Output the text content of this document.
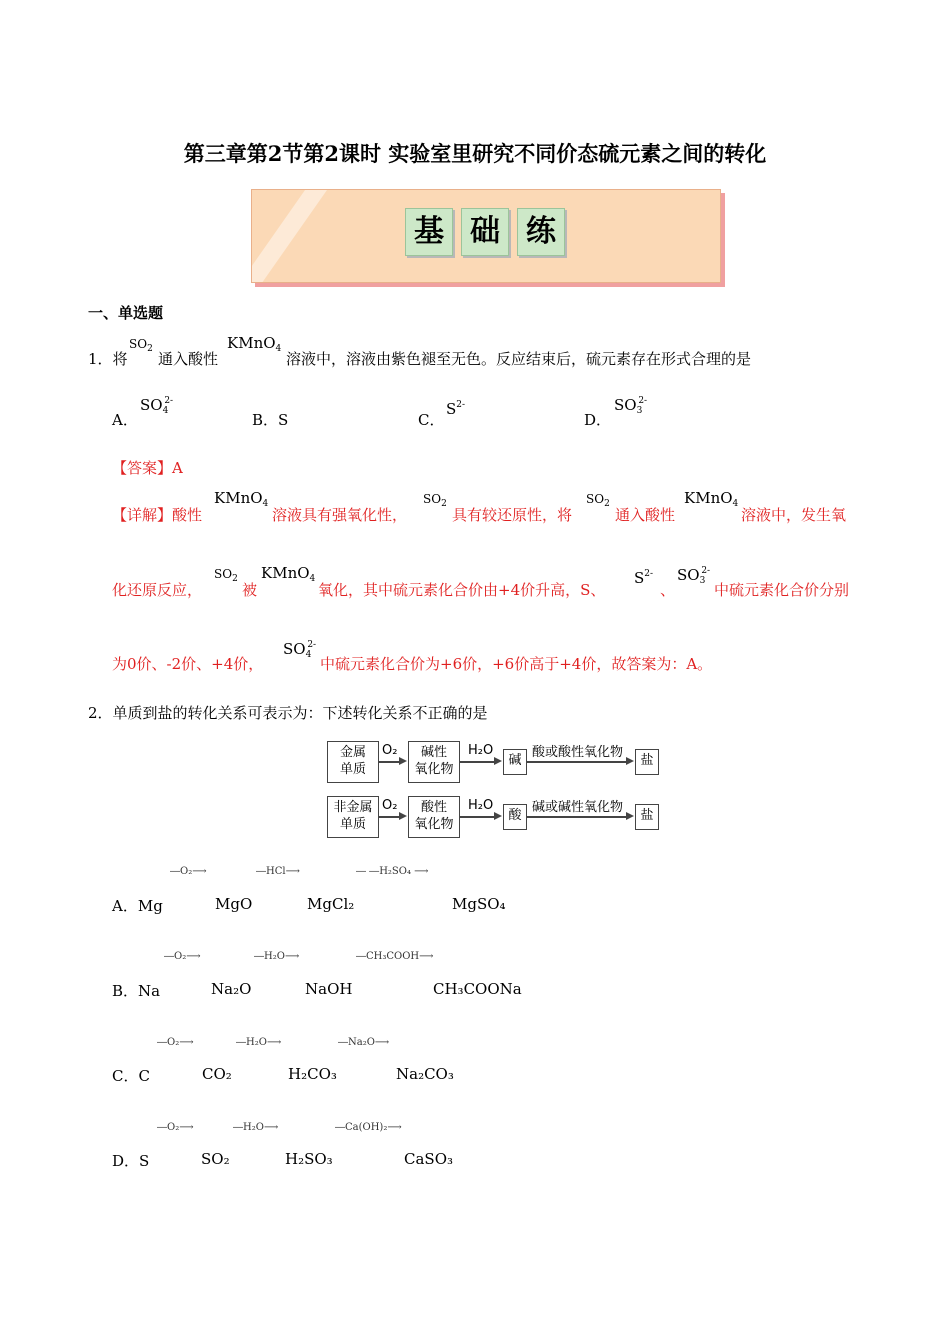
第三章第2节第2课时 实验室里研究不同价态硫元素之间的转化
基 础 练
一、单选题
1．将
$SO_2$
通入酸性
KMnO$_4$
溶液中，溶液由紫色褪至无色。反应结束后，硫元素存在形式合理的是
A．
$SO_4^{2-}$
B．S	C．
$S^{2-}$
D．
$SO_3^{2-}$
【答案】A
【详解】酸性
KMnO$_4$
溶液具有强氧化性，
$SO_2$
具有较还原性，将
$SO_2$
通入酸性
KMnO$_4$
溶液中，发生氧
化还原反应，
$SO_2$
被
KMnO$_4$
氧化，其中硫元素化合价由+4价升高，S、
$S^{2-}$
、
$SO_3^{2-}$
中硫元素化合价分别
为0价、-2价、+4价，
$SO_4^{2-}$
中硫元素化合价为+6价，+6价高于+4价，故答案为：A。
2．单质到盐的转化关系可表示为：下述转化关系不正确的是
金属
单质
O₂	碱性
氧化物
H₂O
碱
酸或酸性氧化物
盐
非金属
单质
O₂	酸性
氧化物
H₂O
酸
碱或碱性氧化物
盐
―O₂⟶	―HCl⟶	― ―H₂SO₄ ⟶
A．Mg	MgO	MgCl₂	MgSO₄
―O₂⟶	―H₂O⟶	―CH₃COOH⟶
B．Na	Na₂O	NaOH	CH₃COONa
―O₂⟶	―H₂O⟶	―Na₂O⟶
C．C	CO₂	H₂CO₃	Na₂CO₃
―O₂⟶	―H₂O⟶	―Ca(OH)₂⟶
D．S	SO₂	H₂SO₃	CaSO₃
